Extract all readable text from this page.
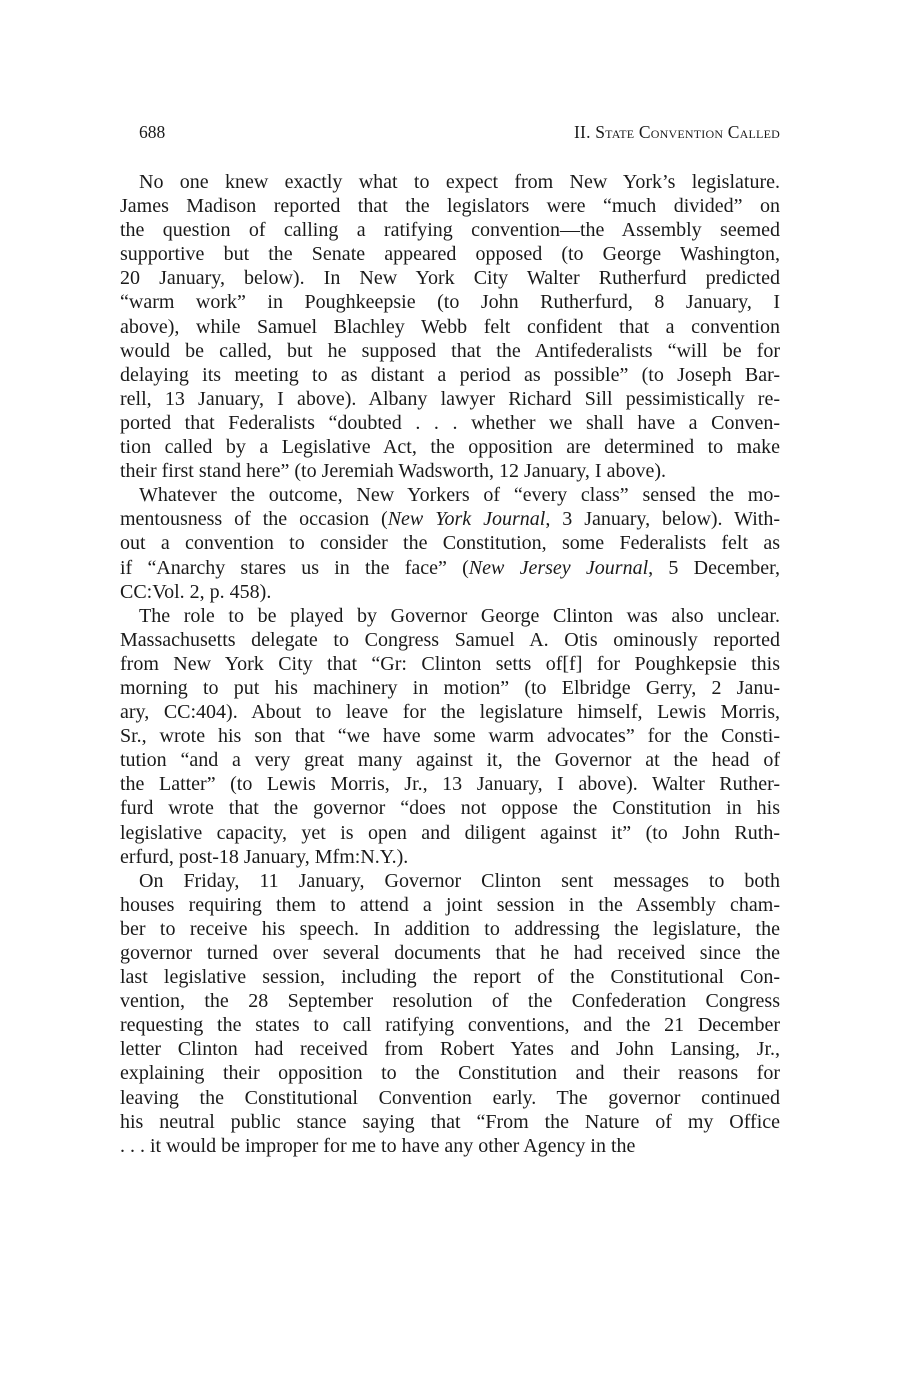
688	II. State Convention Called
No one knew exactly what to expect from New York’s legislature.
James Madison reported that the legislators were “much divided” on
the question of calling a ratifying convention—the Assembly seemed
supportive but the Senate appeared opposed (to George Washington,
20 January, below). In New York City Walter Rutherfurd predicted
“warm work” in Poughkeepsie (to John Rutherfurd, 8 January, I
above), while Samuel Blachley Webb felt confident that a convention
would be called, but he supposed that the Antifederalists “will be for
delaying its meeting to as distant a period as possible” (to Joseph Bar-
rell, 13 January, I above). Albany lawyer Richard Sill pessimistically re-
ported that Federalists “doubted . . . whether we shall have a Conven-
tion called by a Legislative Act, the opposition are determined to make
their first stand here” (to Jeremiah Wadsworth, 12 January, I above).
Whatever the outcome, New Yorkers of “every class” sensed the mo-
mentousness of the occasion (New York Journal, 3 January, below). With-
out a convention to consider the Constitution, some Federalists felt as
if “Anarchy stares us in the face” (New Jersey Journal, 5 December,
CC:Vol. 2, p. 458).
The role to be played by Governor George Clinton was also unclear.
Massachusetts delegate to Congress Samuel A. Otis ominously reported
from New York City that “Gr: Clinton setts of[f] for Poughkepsie this
morning to put his machinery in motion” (to Elbridge Gerry, 2 Janu-
ary, CC:404). About to leave for the legislature himself, Lewis Morris,
Sr., wrote his son that “we have some warm advocates” for the Consti-
tution “and a very great many against it, the Governor at the head of
the Latter” (to Lewis Morris, Jr., 13 January, I above). Walter Ruther-
furd wrote that the governor “does not oppose the Constitution in his
legislative capacity, yet is open and diligent against it” (to John Ruth-
erfurd, post-18 January, Mfm:N.Y.).
On Friday, 11 January, Governor Clinton sent messages to both
houses requiring them to attend a joint session in the Assembly cham-
ber to receive his speech. In addition to addressing the legislature, the
governor turned over several documents that he had received since the
last legislative session, including the report of the Constitutional Con-
vention, the 28 September resolution of the Confederation Congress
requesting the states to call ratifying conventions, and the 21 December
letter Clinton had received from Robert Yates and John Lansing, Jr.,
explaining their opposition to the Constitution and their reasons for
leaving the Constitutional Convention early. The governor continued
his neutral public stance saying that “From the Nature of my Office
. . . it would be improper for me to have any other Agency in the
